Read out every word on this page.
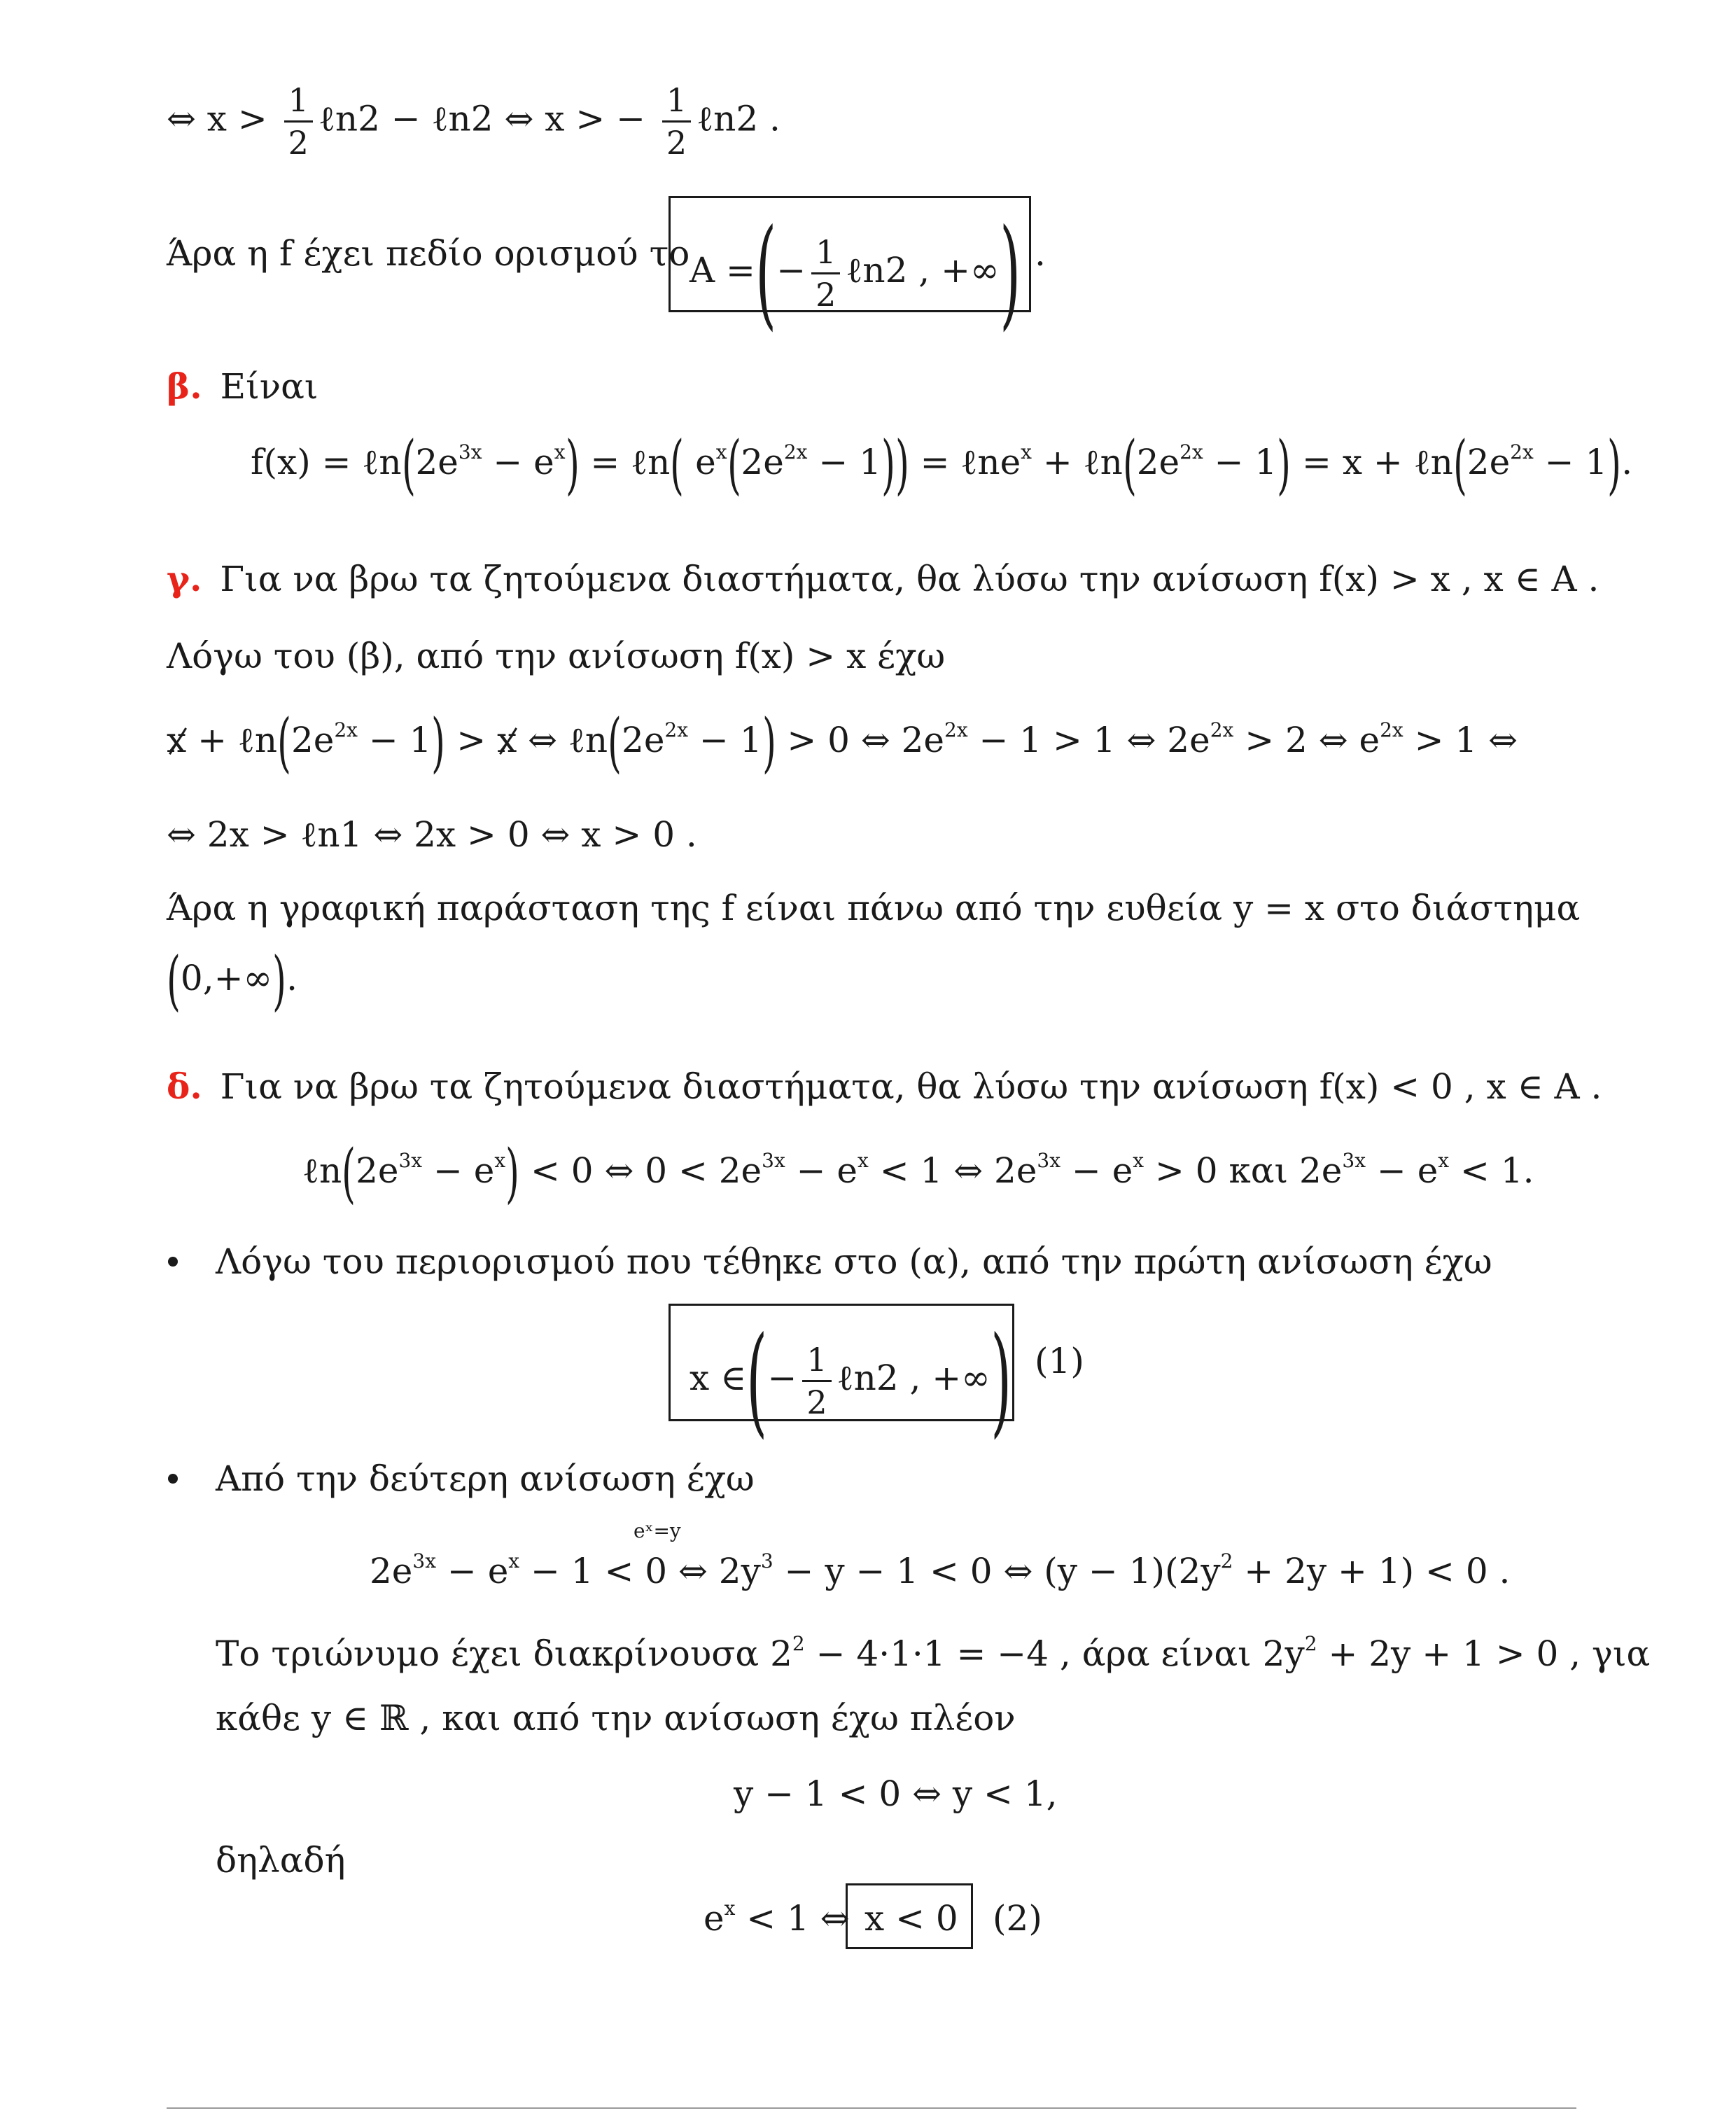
⇔ $x > \frac{1}{2}$ ℓn2 − ℓn2 ⇔ x > − $\frac{1}{2}$ ℓn2 .
Άρα η f έχει πεδίο ορισμού το A =(− $\frac{1}{2}$ ℓn2 , +∞) .
β. Είναι
$f(x) = \ell n(2e^{3x} - e^x)$ = ℓn( $e^x(2e^{2x} - 1)$) = ℓne$^x$ + $\ell n(2e^{2x} - 1) = x$ + $\ell n(2e^{2x} - 1)$.
γ. Για να βρω τα ζητούμενα διαστήματα, θα λύσω την ανίσωση f(x) > x , x ∈ A .
Λόγω του (β), από την ανίσωση f(x) > x έχω
$x + \ell n(2e^{2x} - 1) > x$ ⇔ $\ell n(2e^{2x} - 1) > 0$ ⇔ $2e^{2x} - 1 > 1$ ⇔ $2e^{2x} > 2$ ⇔ $e^{2x} > 1$ ⇔
⇔ 2x > ℓn1 ⇔ 2x > 0 ⇔ x > 0 .
Άρα η γραφική παράσταση της f είναι πάνω από την ευθεία y = x στο διάστημα
(0,+∞).
δ. Για να βρω τα ζητούμενα διαστήματα, θα λύσω την ανίσωση f(x) < 0 , x ∈ A .
$\ell n(2e^{3x} - e^x) < 0$ ⇔ $0 < 2e^{3x} - e^x < 1$ ⇔ $2e^{3x} - e^x > 0$ και $2e^{3x} - e^x < 1$.
Λόγω του περιορισμού που τέθηκε στο (α), από την πρώτη ανίσωση έχω
x ∈(− $\frac{1}{2}$ ℓn2 , +∞) (1)
Από την δεύτερη ανίσωση έχω
eˣ=y
$2e^{3x} - e^x - 1 < 0$ ⇔ $2y^3 - y - 1 < 0$ ⇔ $(y - 1)(2y^2 + 2y + 1) < 0$ .
Το τριώνυμο έχει διακρίνουσα $2^2 - 4\cdot 1\cdot 1 = -4$ , άρα είναι $2y^2 + 2y + 1 > 0$ , για
κάθε y ∈ ℝ , και από την ανίσωση έχω πλέον
y − 1 < 0 ⇔ y < 1,
δηλαδή
$e^x < 1$ ⇔ x < 0 (2)
